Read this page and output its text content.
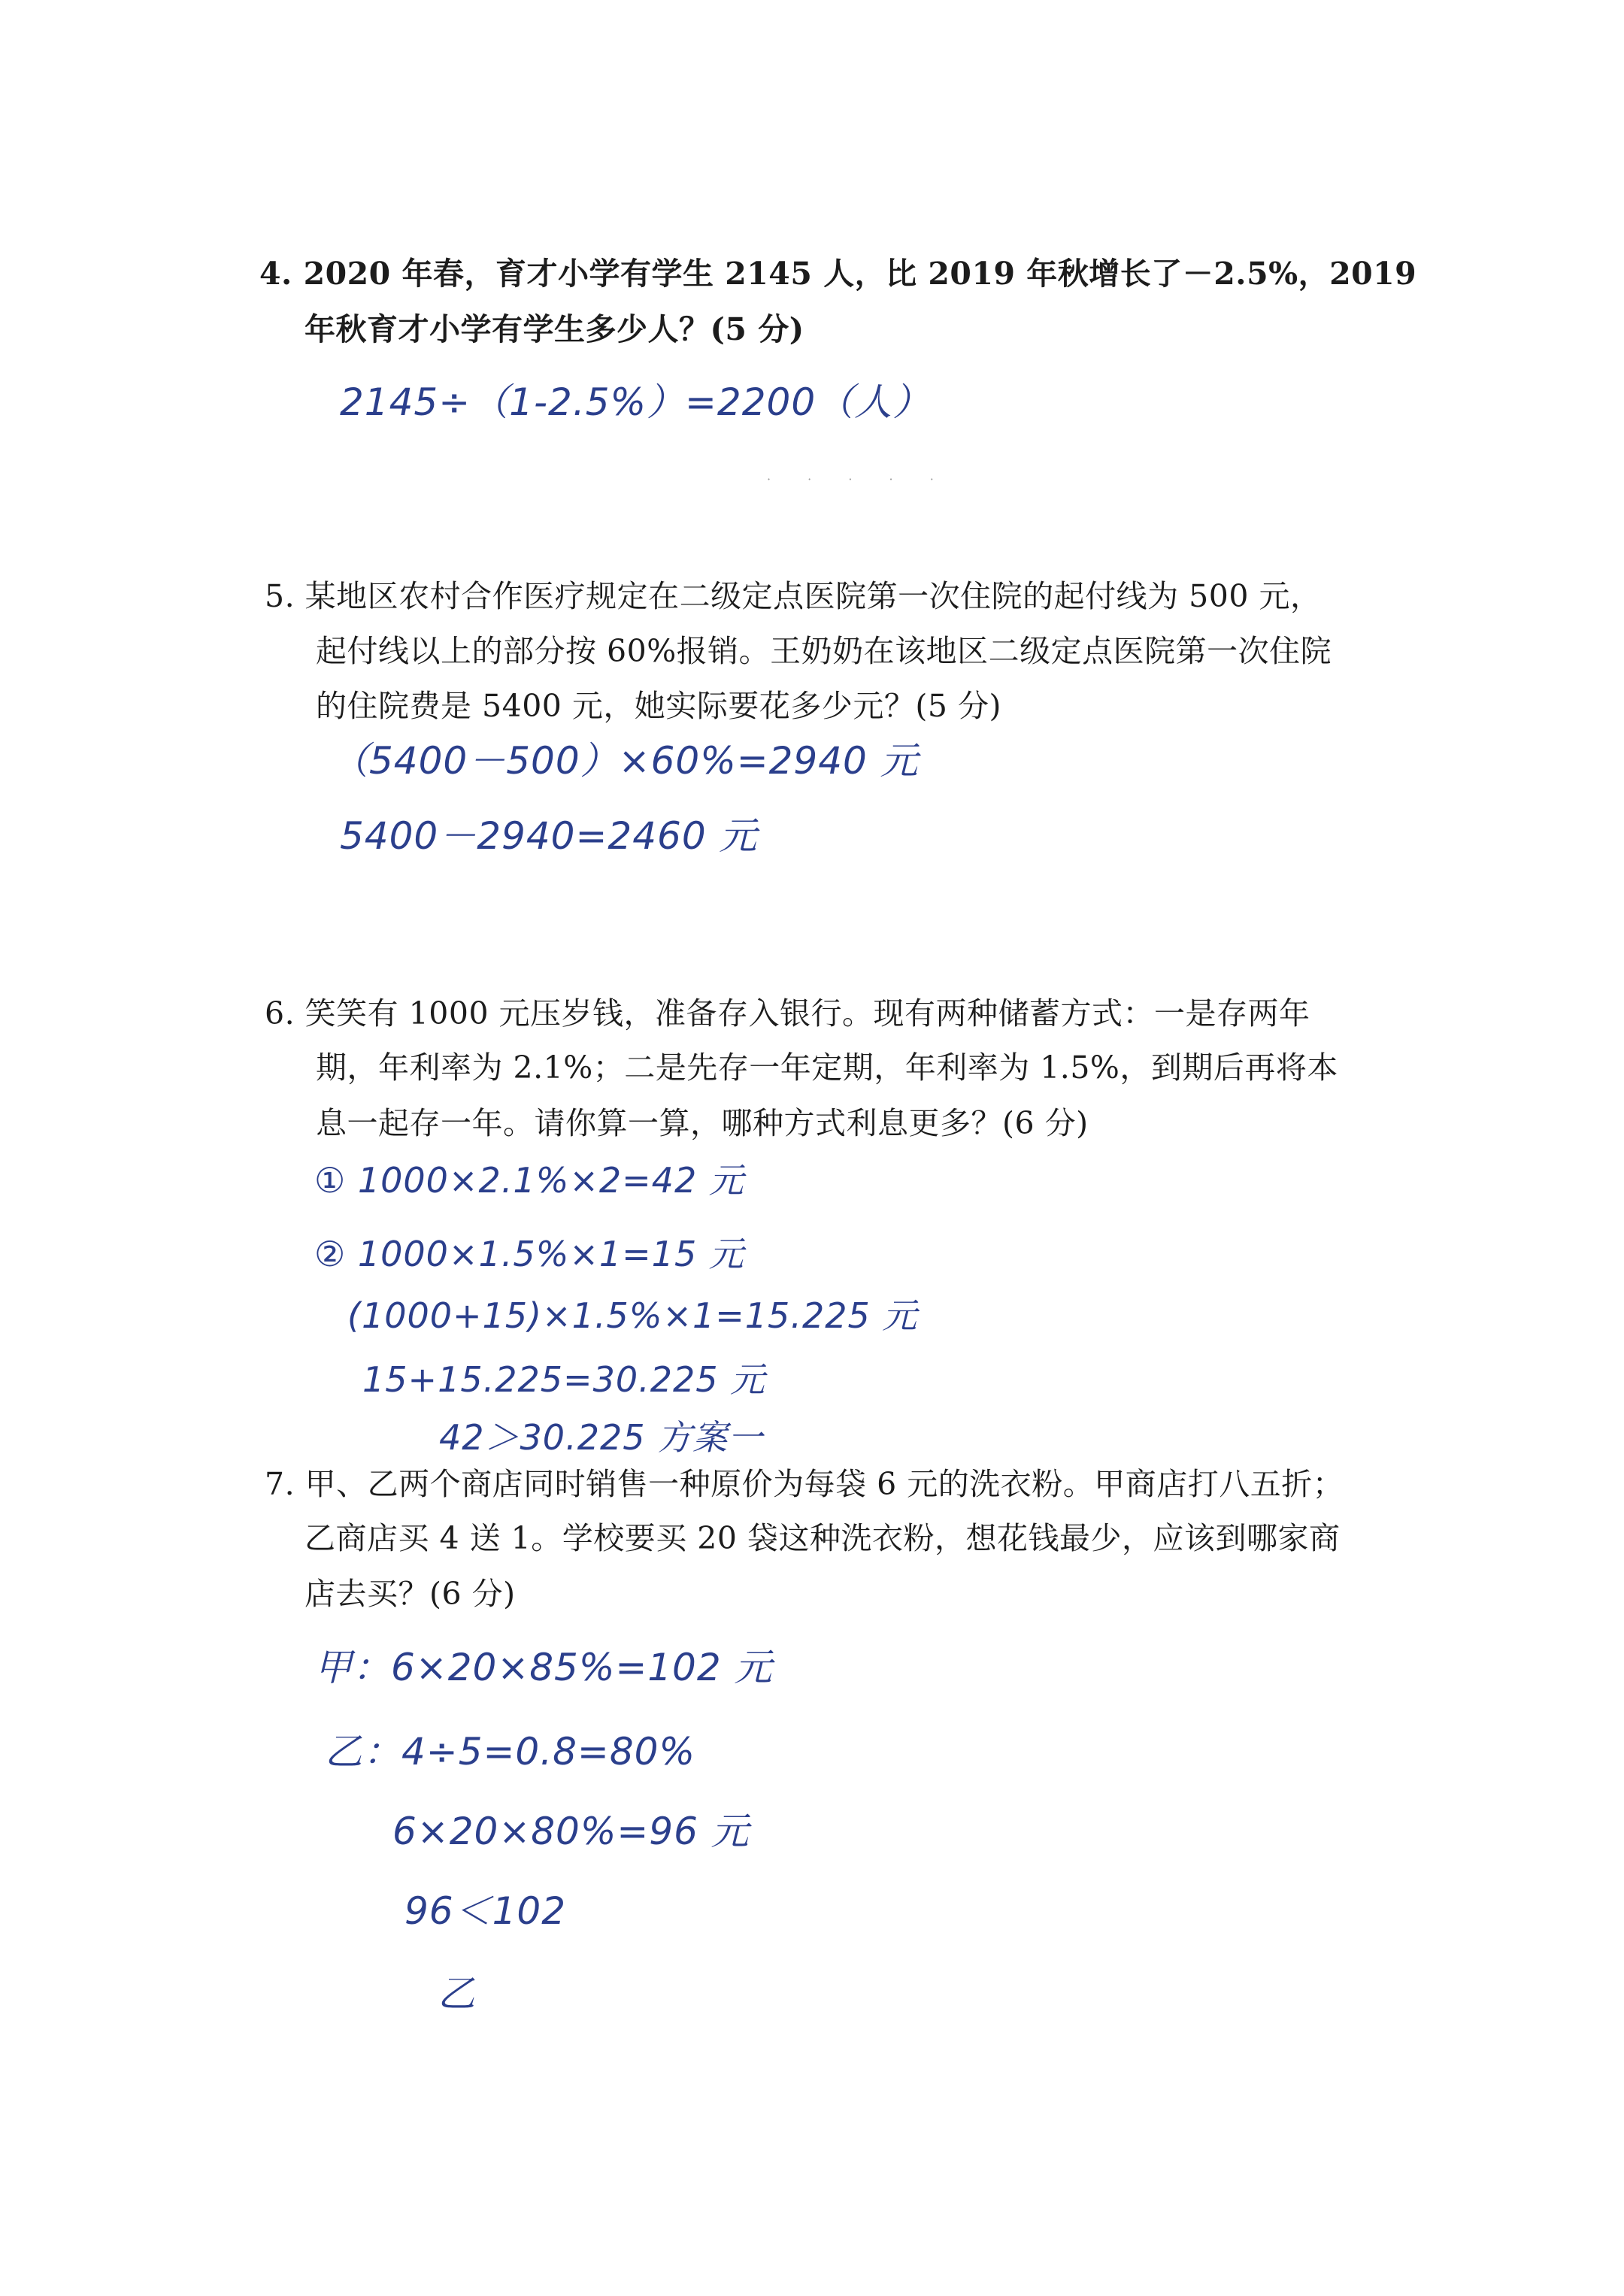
4. 2020 年春，育才小学有学生 2145 人，比 2019 年秋增长了－2.5%，2019
年秋育才小学有学生多少人？(5 分)
2145÷（1-2.5%）=2200（人）
· · · · ·
5. 某地区农村合作医疗规定在二级定点医院第一次住院的起付线为 500 元，
起付线以上的部分按 60%报销。王奶奶在该地区二级定点医院第一次住院
的住院费是 5400 元，她实际要花多少元？(5 分)
（5400－500）×60%=2940 元
5400－2940=2460 元
6. 笑笑有 1000 元压岁钱，准备存入银行。现有两种储蓄方式：一是存两年
期，年利率为 2.1%；二是先存一年定期，年利率为 1.5%，到期后再将本
息一起存一年。请你算一算，哪种方式利息更多？(6 分)
① 1000×2.1%×2=42 元
② 1000×1.5%×1=15 元
(1000+15)×1.5%×1=15.225 元
15+15.225=30.225 元
42＞30.225 方案一
7. 甲、乙两个商店同时销售一种原价为每袋 6 元的洗衣粉。甲商店打八五折；
乙商店买 4 送 1。学校要买 20 袋这种洗衣粉，想花钱最少，应该到哪家商
店去买？(6 分)
甲：6×20×85%=102 元
乙：4÷5=0.8=80%
6×20×80%=96 元
96＜102
乙
